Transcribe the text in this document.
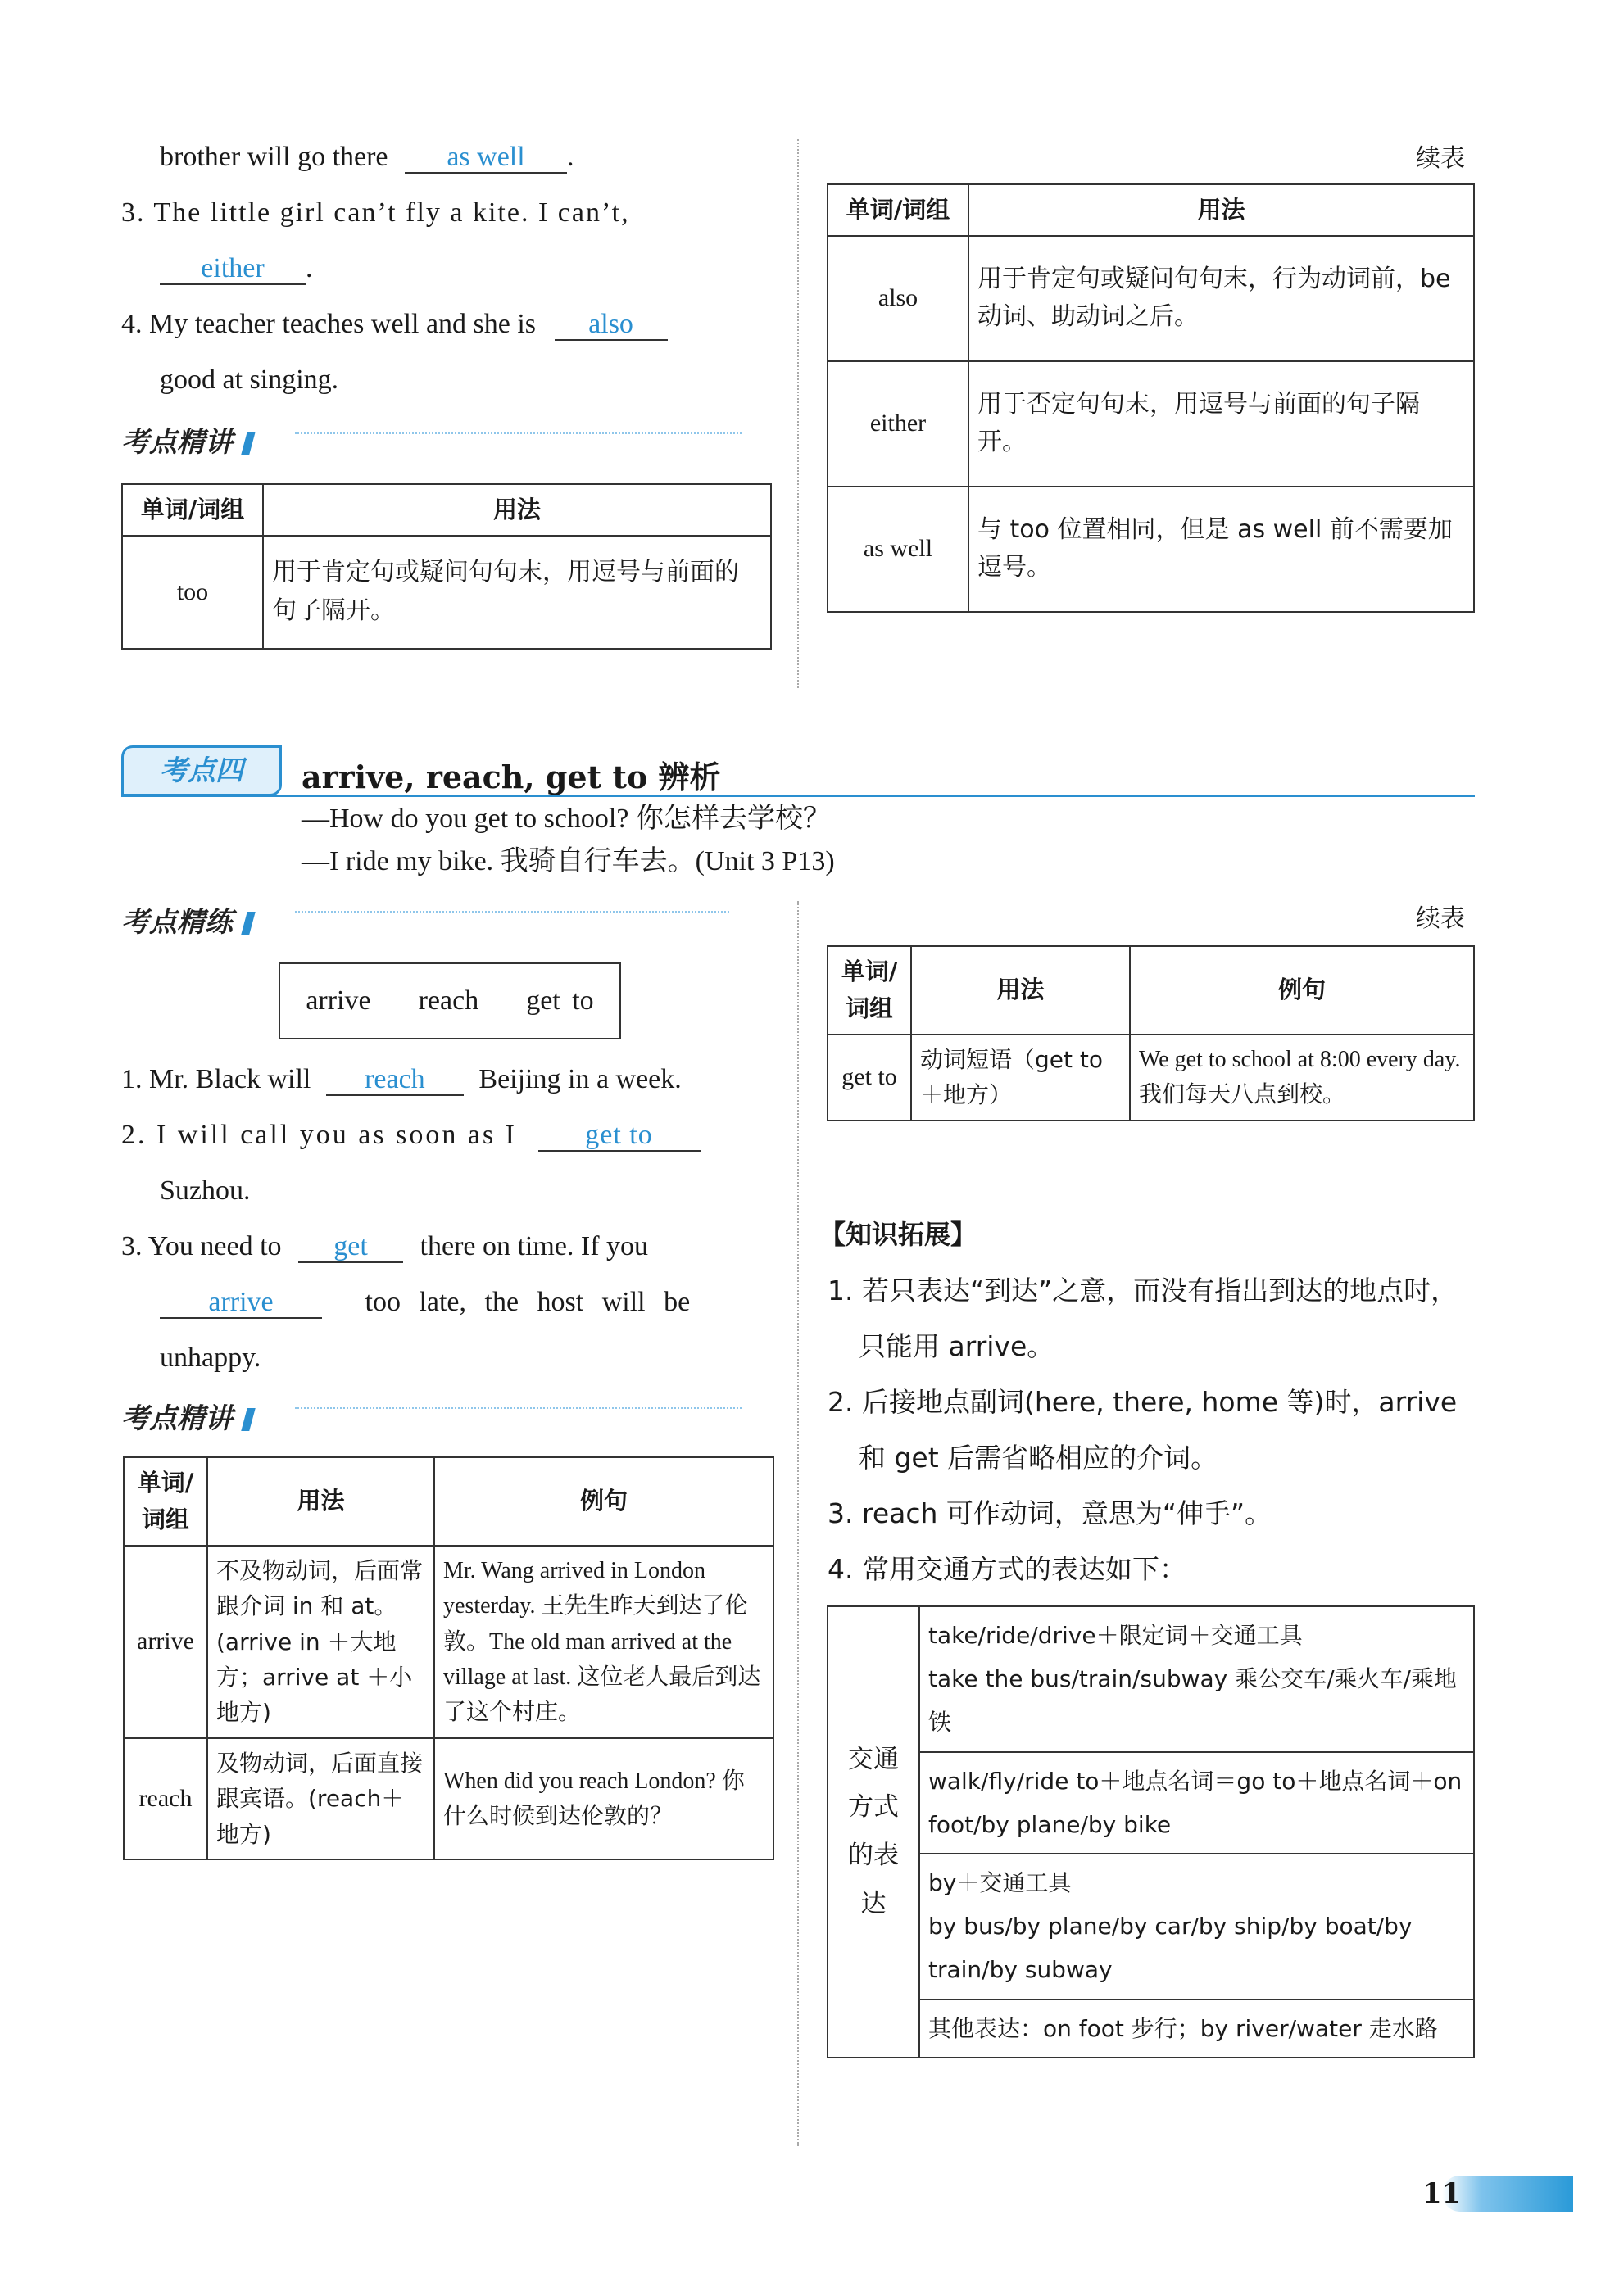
brother will go there as well .
3. The little girl can’t fly a kite. I can’t,
either .
4. My teacher teaches well and she is also
good at singing.
考点精讲
单词/词组	用法
too	用于肯定句或疑问句句末，用逗号与前面的句子隔开。
续表
单词/词组	用法
also	用于肯定句或疑问句句末，行为动词前，be 动词、助动词之后。
either	用于否定句句末，用逗号与前面的句子隔开。
as well	与 too 位置相同，但是 as well 前不需要加逗号。
考点四	arrive, reach, get to 辨析
—How do you get to school? 你怎样去学校？
—I ride my bike. 我骑自行车去。(Unit 3 P13)
考点精练
arrive reach get to
1. Mr. Black will reach Beijing in a week.
2. I will call you as soon as I get to
Suzhou.
3. You need to get there on time. If you
arrive	too late, the host will be
unhappy.
考点精讲
单词/词组	用法	例句
arrive	不及物动词，后面常跟介词 in 和 at。(arrive in ＋大地方；arrive at ＋小地方)	Mr. Wang arrived in London yesterday. 王先生昨天到达了伦敦。The old man arrived at the village at last. 这位老人最后到达了这个村庄。
reach	及物动词，后面直接跟宾语。(reach＋地方)	When did you reach London? 你什么时候到达伦敦的？
续表
单词/词组	用法	例句
get to	动词短语（get to ＋地方）	We get to school at 8:00 every day. 我们每天八点到校。
【知识拓展】
1. 若只表达“到达”之意，而没有指出到达的地点时，只能用 arrive。
2. 后接地点副词(here, there, home 等)时，arrive 和 get 后需省略相应的介词。
3. reach 可作动词，意思为“伸手”。
4. 常用交通方式的表达如下：
交通方式的表达	
take/ride/drive＋限定词＋交通工具
take the bus/train/subway 乘公交车/乘火车/乘地铁

walk/fly/ride to＋地点名词＝go to＋地点名词＋on foot/by plane/by bike

by＋交通工具
by bus/by plane/by car/by ship/by boat/by train/by subway

其他表达：on foot 步行；by river/water 走水路
11
